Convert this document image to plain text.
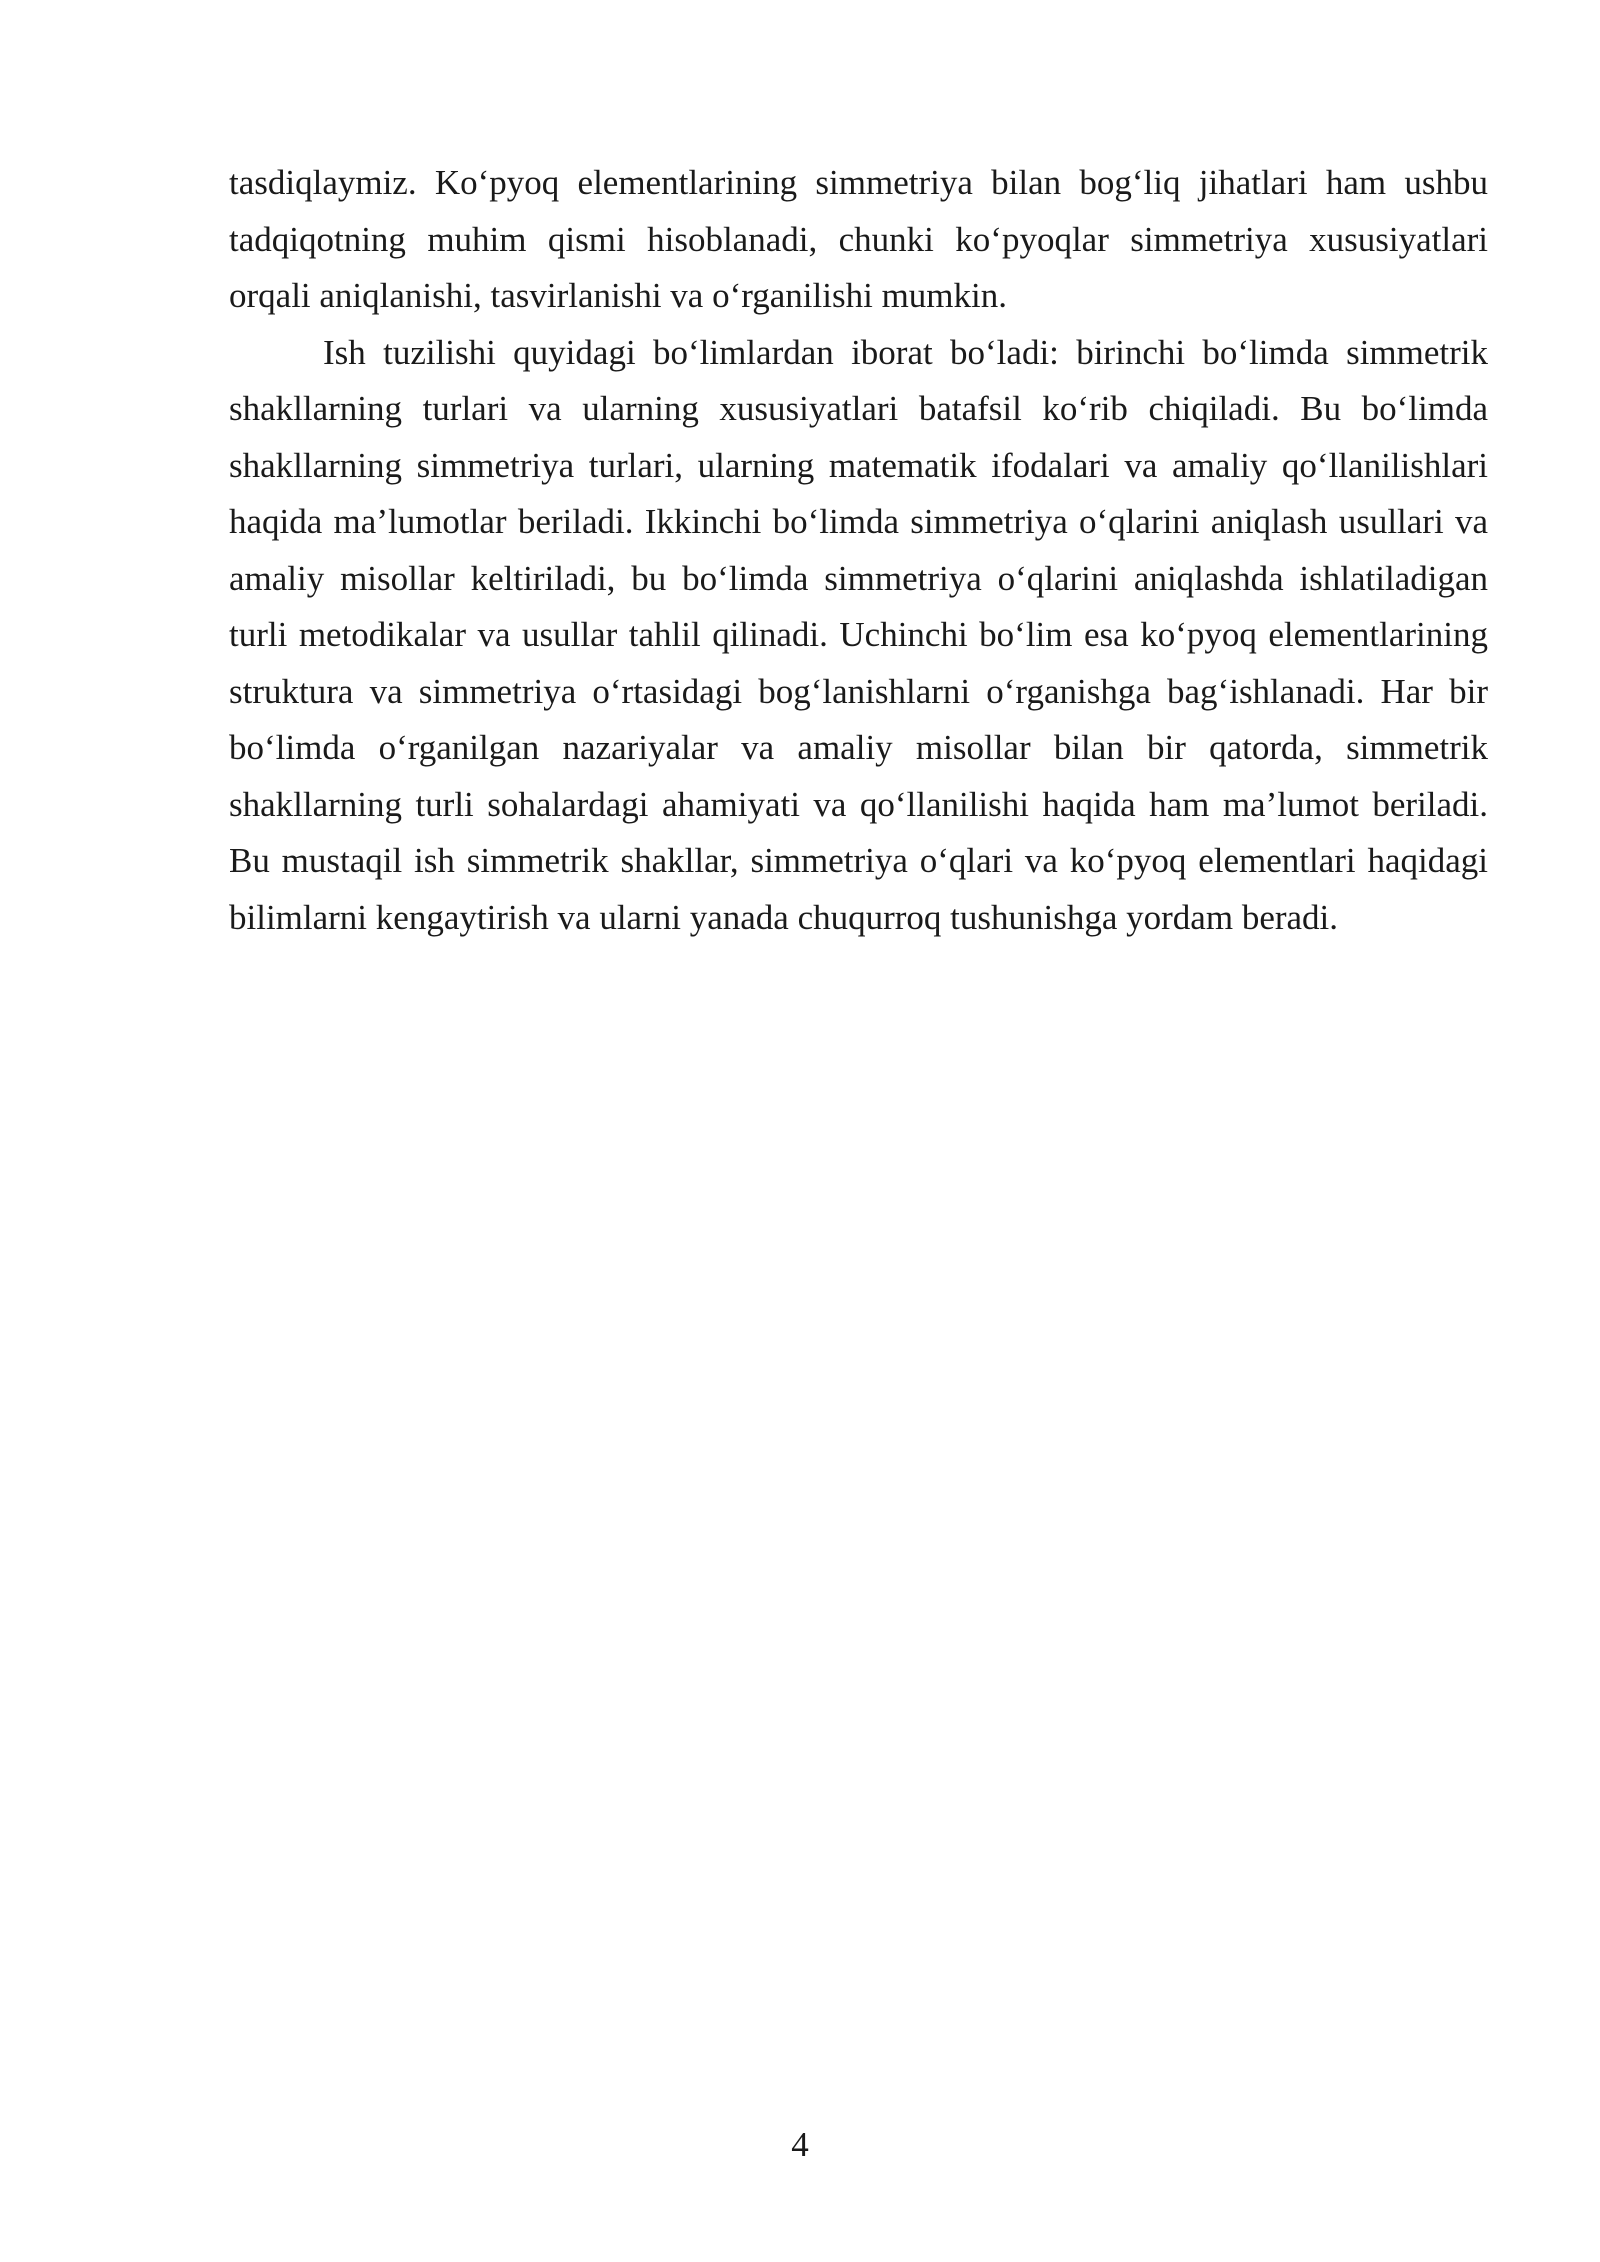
tasdiqlaymiz. Ko‘pyoq elementlarining simmetriya bilan bog‘liq jihatlari ham ushbu tadqiqotning muhim qismi hisoblanadi, chunki ko‘pyoqlar simmetriya xususiyatlari orqali aniqlanishi, tasvirlanishi va o‘rganilishi mumkin.

Ish tuzilishi quyidagi bo‘limlardan iborat bo‘ladi: birinchi bo‘limda simmetrik shakllarning turlari va ularning xususiyatlari batafsil ko‘rib chiqiladi. Bu bo‘limda shakllarning simmetriya turlari, ularning matematik ifodalari va amaliy qo‘llanilishlari haqida ma’lumotlar beriladi. Ikkinchi bo‘limda simmetriya o‘qlarini aniqlash usullari va amaliy misollar keltiriladi, bu bo‘limda simmetriya o‘qlarini aniqlashda ishlatiladigan turli metodikalar va usullar tahlil qilinadi. Uchinchi bo‘lim esa ko‘pyoq elementlarining struktura va simmetriya o‘rtasidagi bog‘lanishlarni o‘rganishga bag‘ishlanadi. Har bir bo‘limda o‘rganilgan nazariyalar va amaliy misollar bilan bir qatorda, simmetrik shakllarning turli sohalardagi ahamiyati va qo‘llanilishi haqida ham ma’lumot beriladi. Bu mustaqil ish simmetrik shakllar, simmetriya o‘qlari va ko‘pyoq elementlari haqidagi bilimlarni kengaytirish va ularni yanada chuqurroq tushunishga yordam beradi.

4
